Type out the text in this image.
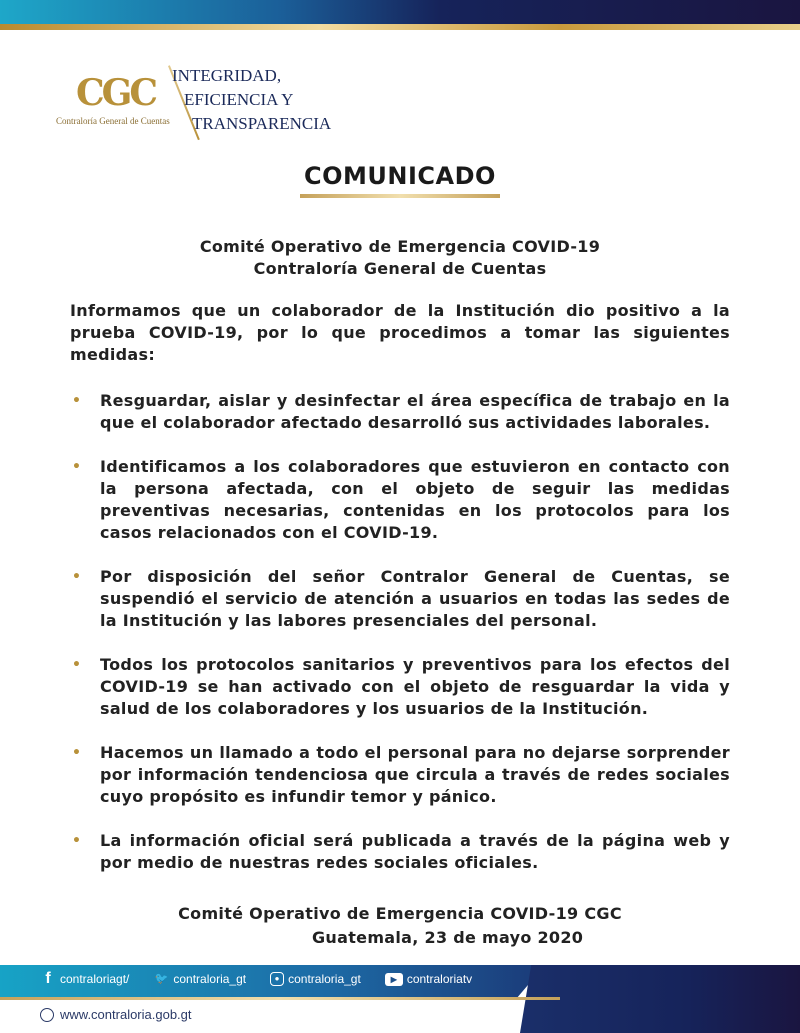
CGC
Contraloría General de Cuentas
INTEGRIDAD,
EFICIENCIA Y
TRANSPARENCIA
COMUNICADO
Comité Operativo de Emergencia COVID-19
Contraloría General de Cuentas
Informamos que un colaborador de la Institución dio positivo a la prueba COVID-19, por lo que procedimos a tomar las siguientes medidas:
• Resguardar, aislar y desinfectar el área específica de trabajo en la que el colaborador afectado desarrolló sus actividades laborales.
• Identificamos a los colaboradores que estuvieron en contacto con la persona afectada, con el objeto de seguir las medidas preventivas necesarias, contenidas en los protocolos para los casos relacionados con el COVID-19.
• Por disposición del señor Contralor General de Cuentas, se suspendió el servicio de atención a usuarios en todas las sedes de la Institución y las labores presenciales del personal.
• Todos los protocolos sanitarios y preventivos para los efectos del COVID-19 se han activado con el objeto de resguardar la vida y salud de los colaboradores y los usuarios de la Institución.
• Hacemos un llamado a todo el personal para no dejarse sorprender por información tendenciosa que circula a través de redes sociales cuyo propósito es infundir temor y pánico.
• La información oficial será publicada a través de la página web y por medio de nuestras redes sociales oficiales.
Comité Operativo de Emergencia COVID-19 CGC
Guatemala, 23 de mayo 2020
f contraloriagt/ 🐦 contraloria_gt	● contraloria_gt	▶ contraloriatv
www.contraloria.gob.gt
